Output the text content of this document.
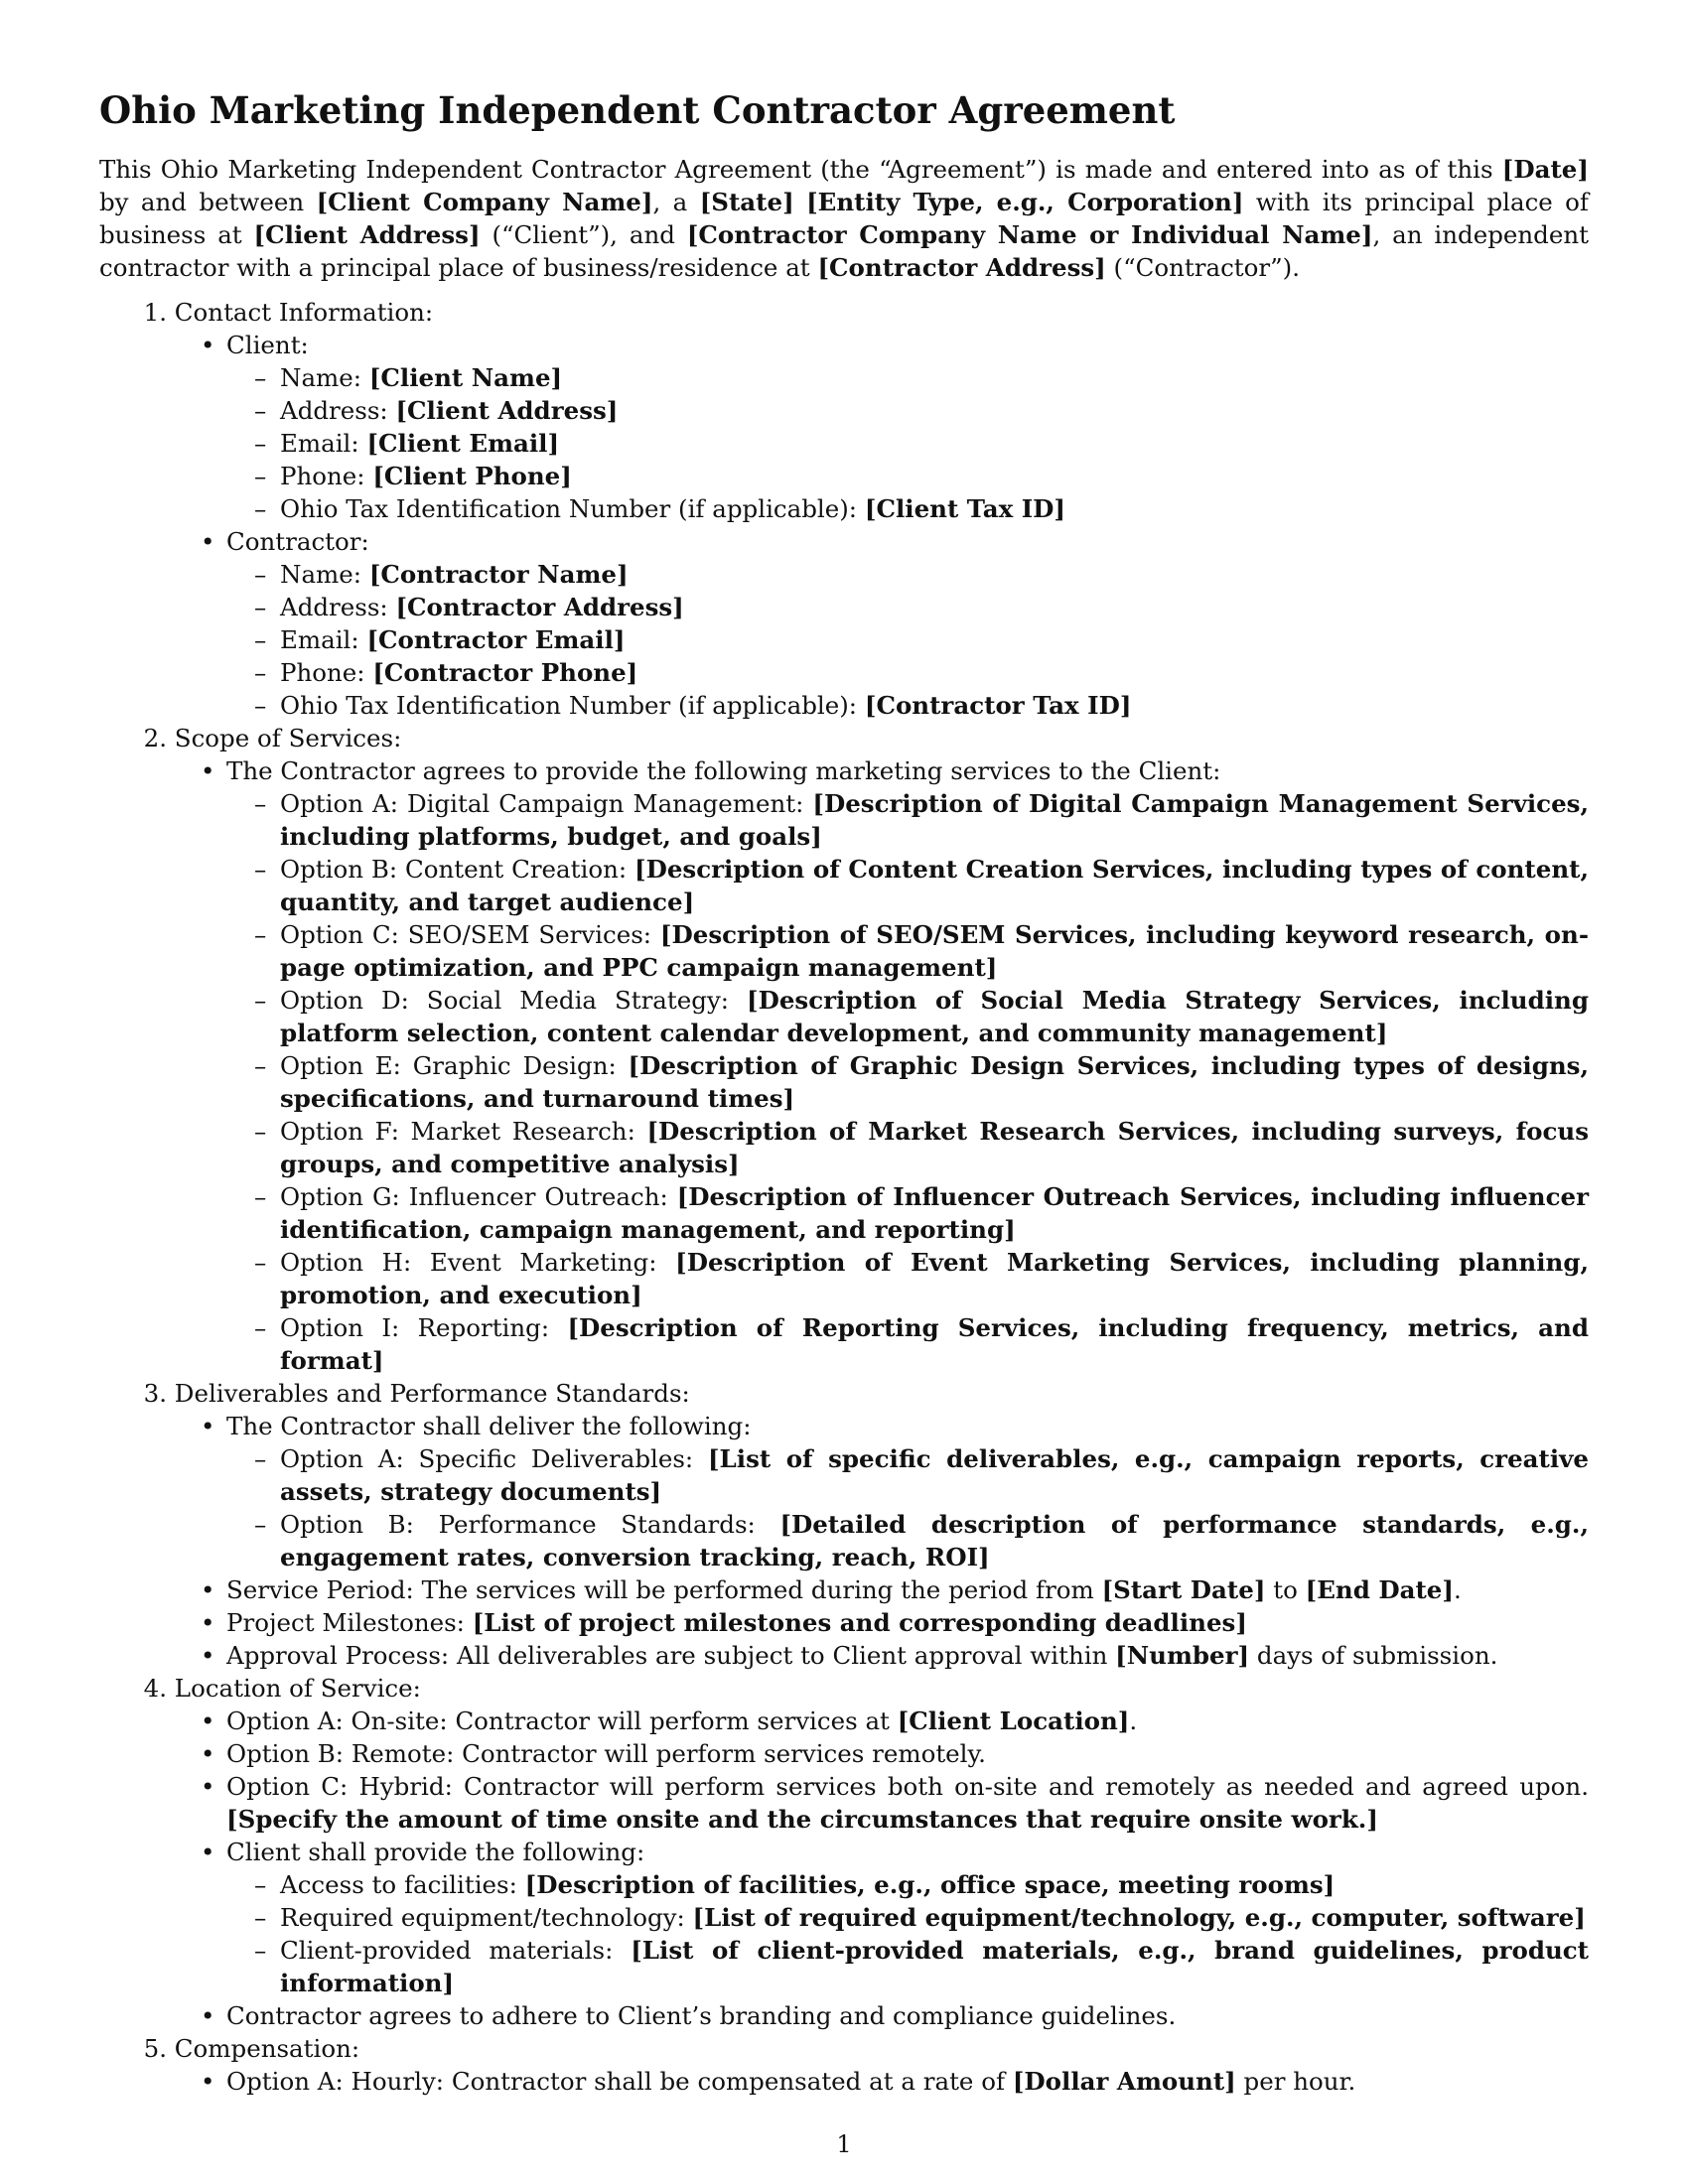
Ohio Marketing Independent Contractor Agreement

This Ohio Marketing Independent Contractor Agreement (the “Agreement”) is made and entered into as of this [Date] by and between [Client Company Name], a [State] [Entity Type, e.g., Corporation] with its principal place of business at [Client Address] (“Client”), and [Contractor Company Name or Individual Name], an independent contractor with a principal place of business/residence at [Contractor Address] (“Contractor”).

1. Contact Information:
• Client:
– Name: [Client Name]
– Address: [Client Address]
– Email: [Client Email]
– Phone: [Client Phone]
– Ohio Tax Identification Number (if applicable): [Client Tax ID]
• Contractor:
– Name: [Contractor Name]
– Address: [Contractor Address]
– Email: [Contractor Email]
– Phone: [Contractor Phone]
– Ohio Tax Identification Number (if applicable): [Contractor Tax ID]
2. Scope of Services:
• The Contractor agrees to provide the following marketing services to the Client:
– Option A: Digital Campaign Management: [Description of Digital Campaign Management Services, including platforms, budget, and goals]
– Option B: Content Creation: [Description of Content Creation Services, including types of content, quantity, and target audience]
– Option C: SEO/SEM Services: [Description of SEO/SEM Services, including keyword research, on-page optimization, and PPC campaign management]
– Option D: Social Media Strategy: [Description of Social Media Strategy Services, including platform selection, content calendar development, and community management]
– Option E: Graphic Design: [Description of Graphic Design Services, including types of designs, specifications, and turnaround times]
– Option F: Market Research: [Description of Market Research Services, including surveys, focus groups, and competitive analysis]
– Option G: Influencer Outreach: [Description of Influencer Outreach Services, including influencer identification, campaign management, and reporting]
– Option H: Event Marketing: [Description of Event Marketing Services, including planning, promotion, and execution]
– Option I: Reporting: [Description of Reporting Services, including frequency, metrics, and format]
3. Deliverables and Performance Standards:
• The Contractor shall deliver the following:
– Option A: Specific Deliverables: [List of specific deliverables, e.g., campaign reports, creative assets, strategy documents]
– Option B: Performance Standards: [Detailed description of performance standards, e.g., engagement rates, conversion tracking, reach, ROI]
• Service Period: The services will be performed during the period from [Start Date] to [End Date].
• Project Milestones: [List of project milestones and corresponding deadlines]
• Approval Process: All deliverables are subject to Client approval within [Number] days of submission.
4. Location of Service:
• Option A: On-site: Contractor will perform services at [Client Location].
• Option B: Remote: Contractor will perform services remotely.
• Option C: Hybrid: Contractor will perform services both on-site and remotely as needed and agreed upon. [Specify the amount of time onsite and the circumstances that require onsite work.]
• Client shall provide the following:
– Access to facilities: [Description of facilities, e.g., office space, meeting rooms]
– Required equipment/technology: [List of required equipment/technology, e.g., computer, software]
– Client-provided materials: [List of client-provided materials, e.g., brand guidelines, product information]
• Contractor agrees to adhere to Client’s branding and compliance guidelines.
5. Compensation:
• Option A: Hourly: Contractor shall be compensated at a rate of [Dollar Amount] per hour.
1
